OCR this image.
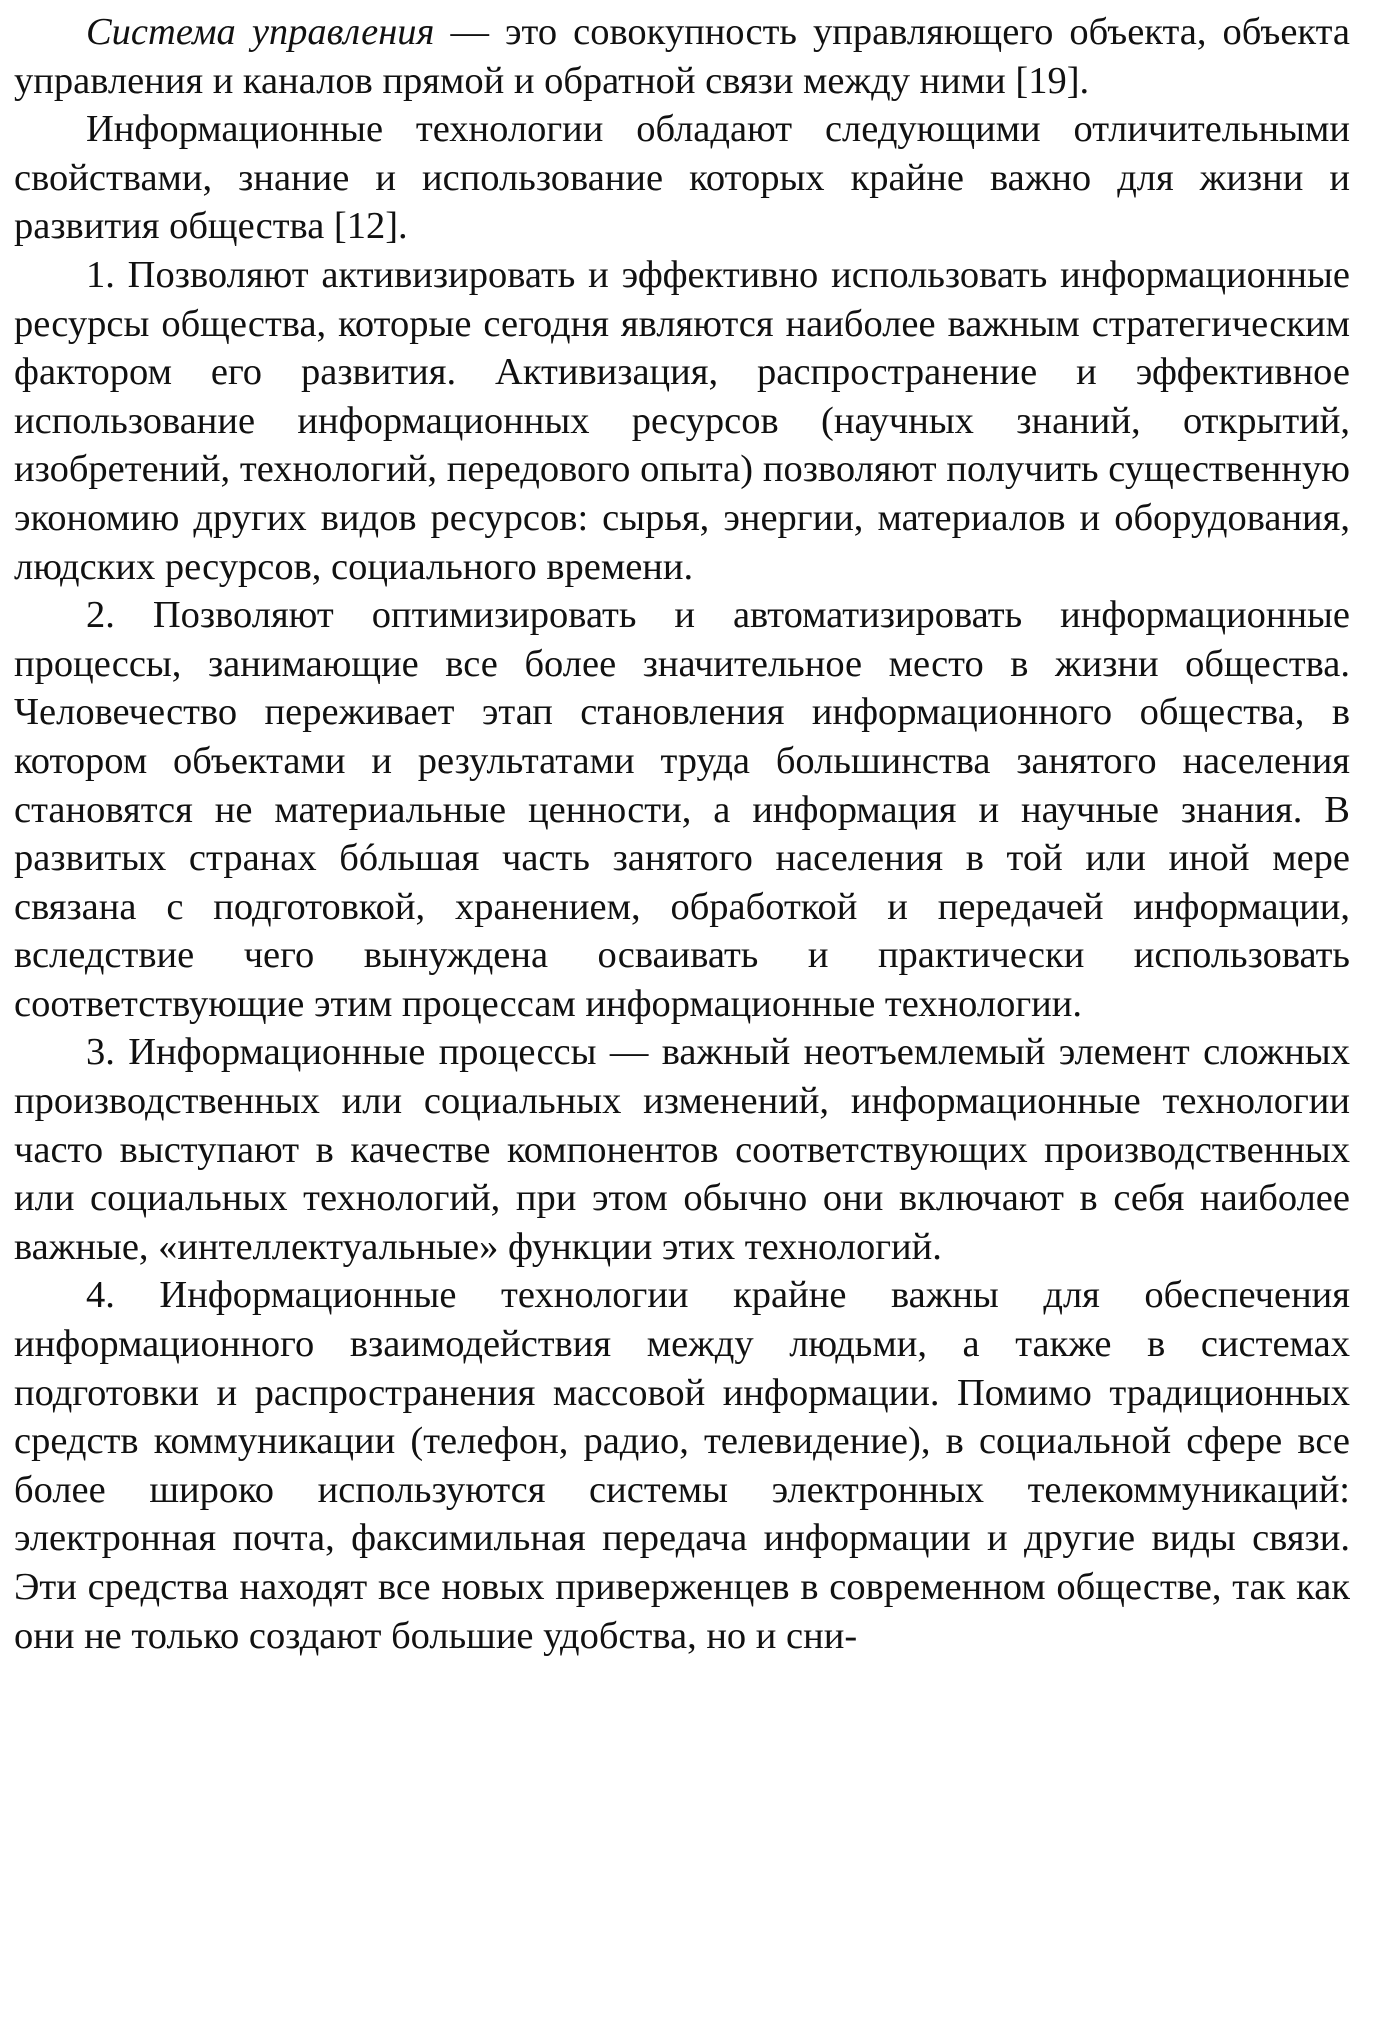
Система управления — это совокупность управляющего объекта, объекта управления и каналов прямой и обратной связи между ними [19].

Информационные технологии обладают следующими отличительными свойствами, знание и использование которых крайне важно для жизни и развития общества [12].

1. Позволяют активизировать и эффективно использовать информационные ресурсы общества, которые сегодня являются наиболее важным стратегическим фактором его развития. Активизация, распространение и эффективное использование информационных ресурсов (научных знаний, открытий, изобретений, технологий, передового опыта) позволяют получить существенную экономию других видов ресурсов: сырья, энергии, материалов и оборудования, людских ресурсов, социального времени.

2. Позволяют оптимизировать и автоматизировать информационные процессы, занимающие все более значительное место в жизни общества. Человечество переживает этап становления информационного общества, в котором объектами и результатами труда большинства занятого населения становятся не материальные ценности, а информация и научные знания. В развитых странах бóльшая часть занятого населения в той или иной мере связана с подготовкой, хранением, обработкой и передачей информации, вследствие чего вынуждена осваивать и практически использовать соответствующие этим процессам информационные технологии.

3. Информационные процессы — важный неотъемлемый элемент сложных производственных или социальных изменений, информационные технологии часто выступают в качестве компонентов соответствующих производственных или социальных технологий, при этом обычно они включают в себя наиболее важные, «интеллектуальные» функции этих технологий.

4. Информационные технологии крайне важны для обеспечения информационного взаимодействия между людьми, а также в системах подготовки и распространения массовой информации. Помимо традиционных средств коммуникации (телефон, радио, телевидение), в социальной сфере все более широко используются системы электронных телекоммуникаций: электронная почта, факсимильная передача информации и другие виды связи. Эти средства находят все новых приверженцев в современном обществе, так как они не только создают большие удобства, но и сни-
